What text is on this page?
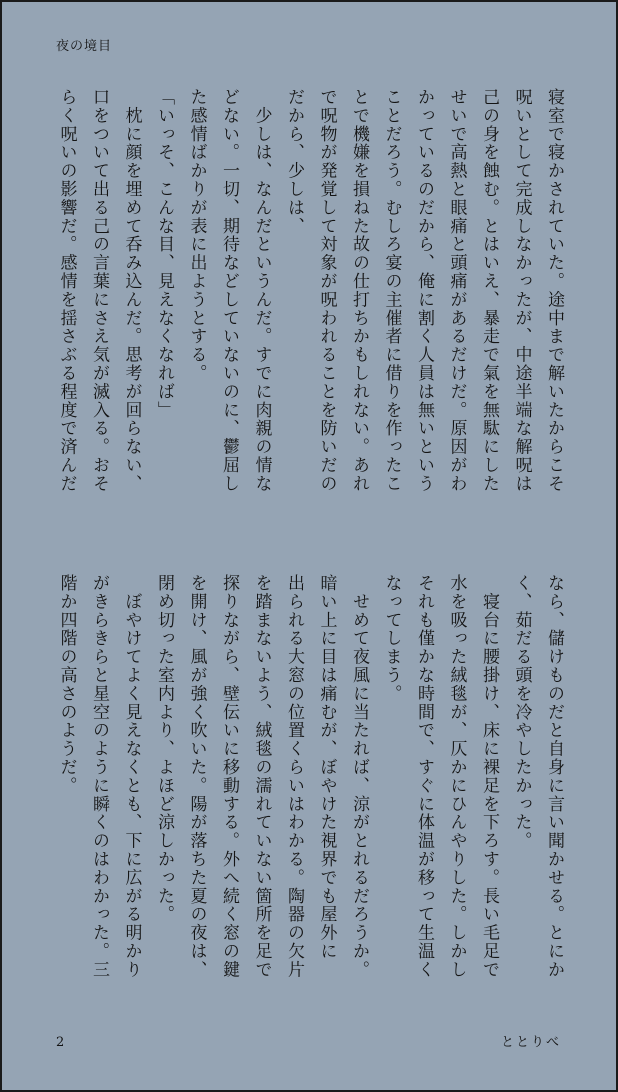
夜の境目
寝室で寝かされていた。途中まで解いたからこそ
呪いとして完成しなかったが、中途半端な解呪は
己の身を蝕む。とはいえ、暴走で氣を無駄にした
せいで高熱と眼痛と頭痛があるだけだ。原因がわ
かっているのだから、俺に割く人員は無いという
ことだろう。むしろ宴の主催者に借りを作ったこ
とで機嫌を損ねた故の仕打ちかもしれない。あれ
で呪物が発覚して対象が呪われることを防いだの
だから、少しは、
　少しは、なんだというんだ。すでに肉親の情な
どない。一切、期待などしていないのに、鬱屈し
た感情ばかりが表に出ようとする。
「いっそ、こんな目、見えなくなれば」
　枕に顔を埋めて呑み込んだ。思考が回らない、
口をついて出る己の言葉にさえ気が滅入る。おそ
らく呪いの影響だ。感情を揺さぶる程度で済んだ
なら、儲けものだと自身に言い聞かせる。とにか
く、茹だる頭を冷やしたかった。
　寝台に腰掛け、床に裸足を下ろす。長い毛足で
水を吸った絨毯が、仄かにひんやりした。しかし
それも僅かな時間で、すぐに体温が移って生温く
なってしまう。
　せめて夜風に当たれば、涼がとれるだろうか。
暗い上に目は痛むが、ぼやけた視界でも屋外に
出られる大窓の位置くらいはわかる。陶器の欠片
を踏まないよう、絨毯の濡れていない箇所を足で
探りながら、壁伝いに移動する。外へ続く窓の鍵
を開け、風が強く吹いた。陽が落ちた夏の夜は、
閉め切った室内より、よほど涼しかった。
　ぼやけてよく見えなくとも、下に広がる明かり
がきらきらと星空のように瞬くのはわかった。三
階か四階の高さのようだ。
2	ととりべ
